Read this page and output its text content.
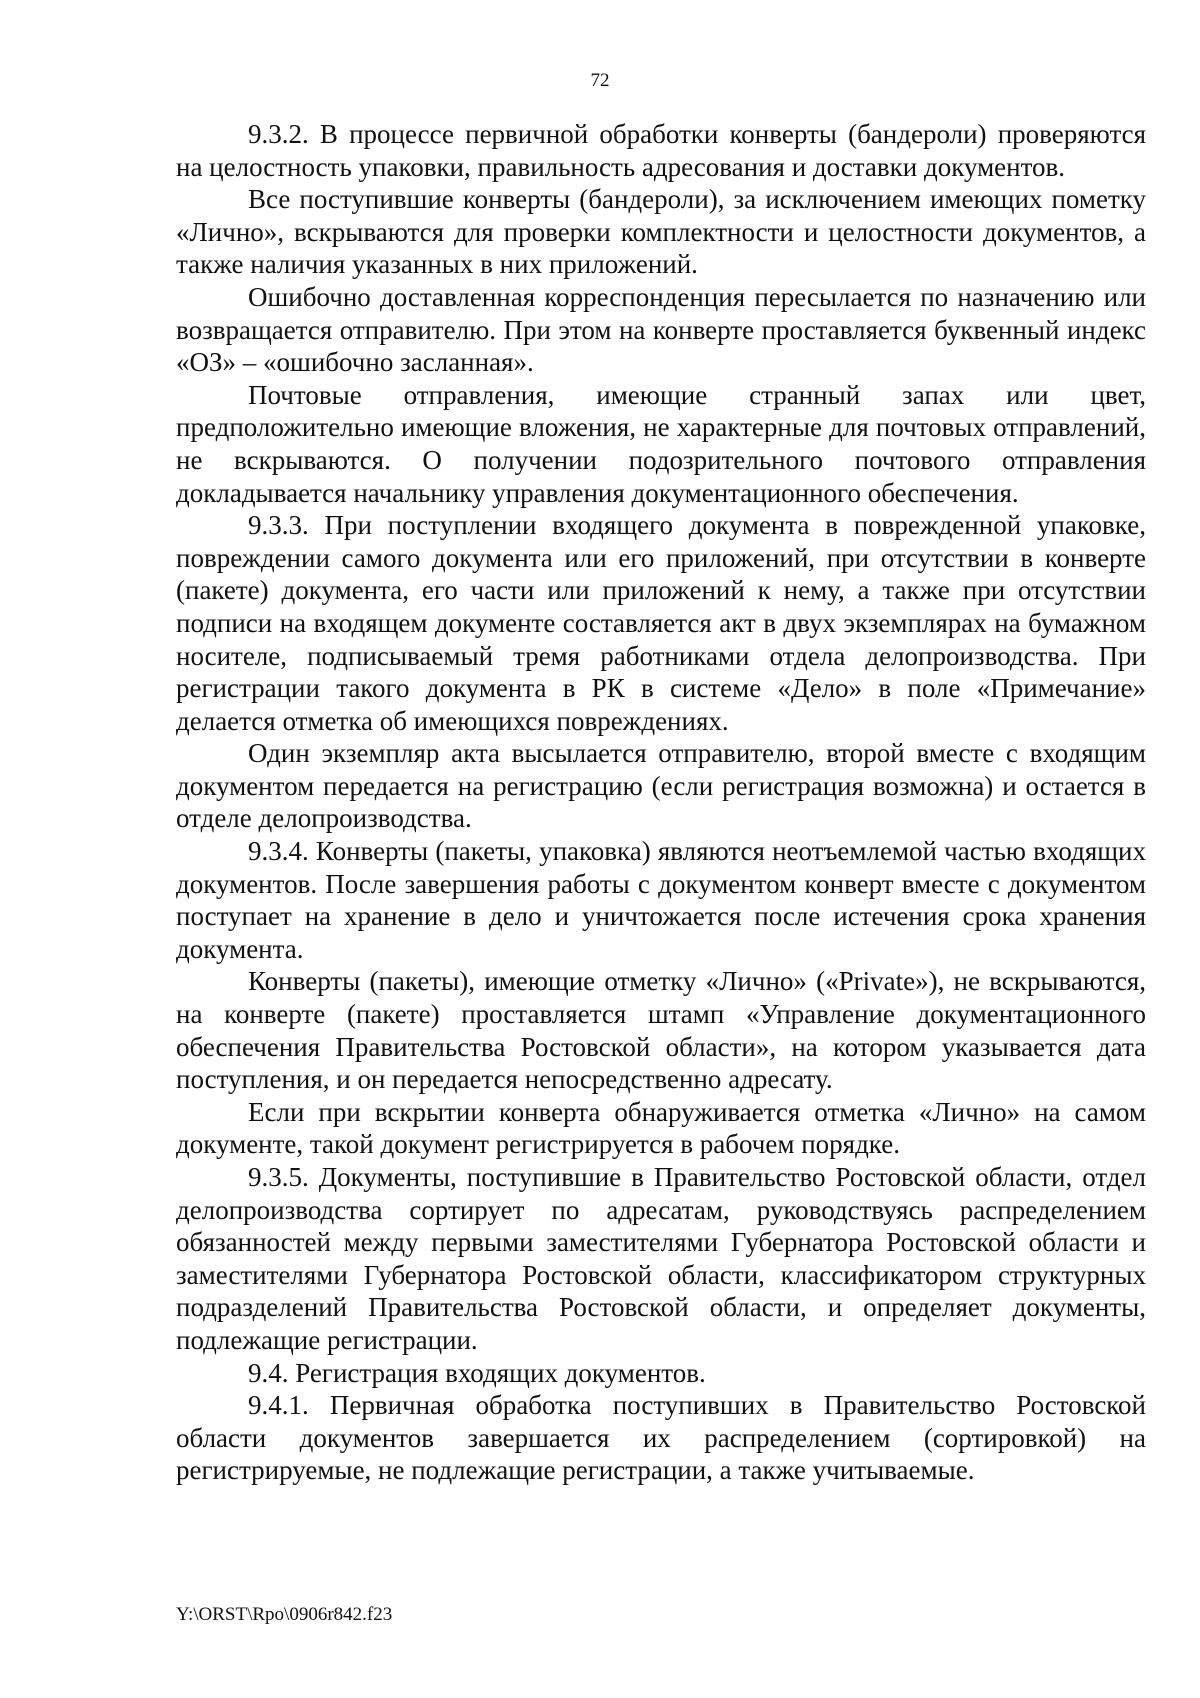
72

9.3.2. В процессе первичной обработки конверты (бандероли) проверяются на целостность упаковки, правильность адресования и доставки документов.

Все поступившие конверты (бандероли), за исключением имеющих пометку «Лично», вскрываются для проверки комплектности и целостности документов, а также наличия указанных в них приложений.

Ошибочно доставленная корреспонденция пересылается по назначению или возвращается отправителю. При этом на конверте проставляется буквенный индекс «ОЗ» – «ошибочно засланная».

Почтовые отправления, имеющие странный запах или цвет, предположительно имеющие вложения, не характерные для почтовых отправлений, не вскрываются. О получении подозрительного почтового отправления докладывается начальнику управления документационного обеспечения.

9.3.3. При поступлении входящего документа в поврежденной упаковке, повреждении самого документа или его приложений, при отсутствии в конверте (пакете) документа, его части или приложений к нему, а также при отсутствии подписи на входящем документе составляется акт в двух экземплярах на бумажном носителе, подписываемый тремя работниками отдела делопроизводства. При регистрации такого документа в РК в системе «Дело» в поле «Примечание» делается отметка об имеющихся повреждениях.

Один экземпляр акта высылается отправителю, второй вместе с входящим документом передается на регистрацию (если регистрация возможна) и остается в отделе делопроизводства.

9.3.4. Конверты (пакеты, упаковка) являются неотъемлемой частью входящих документов. После завершения работы с документом конверт вместе с документом поступает на хранение в дело и уничтожается после истечения срока хранения документа.

Конверты (пакеты), имеющие отметку «Лично» («Private»), не вскрываются, на конверте (пакете) проставляется штамп «Управление документационного обеспечения Правительства Ростовской области», на котором указывается дата поступления, и он передается непосредственно адресату.

Если при вскрытии конверта обнаруживается отметка «Лично» на самом документе, такой документ регистрируется в рабочем порядке.

9.3.5. Документы, поступившие в Правительство Ростовской области, отдел делопроизводства сортирует по адресатам, руководствуясь распределением обязанностей между первыми заместителями Губернатора Ростовской области и заместителями Губернатора Ростовской области, классификатором структурных подразделений Правительства Ростовской области, и определяет документы, подлежащие регистрации.

9.4. Регистрация входящих документов.

9.4.1. Первичная обработка поступивших в Правительство Ростовской области документов завершается их распределением (сортировкой) на регистрируемые, не подлежащие регистрации, а также учитываемые.

Y:\ORST\Rpo\0906r842.f23
